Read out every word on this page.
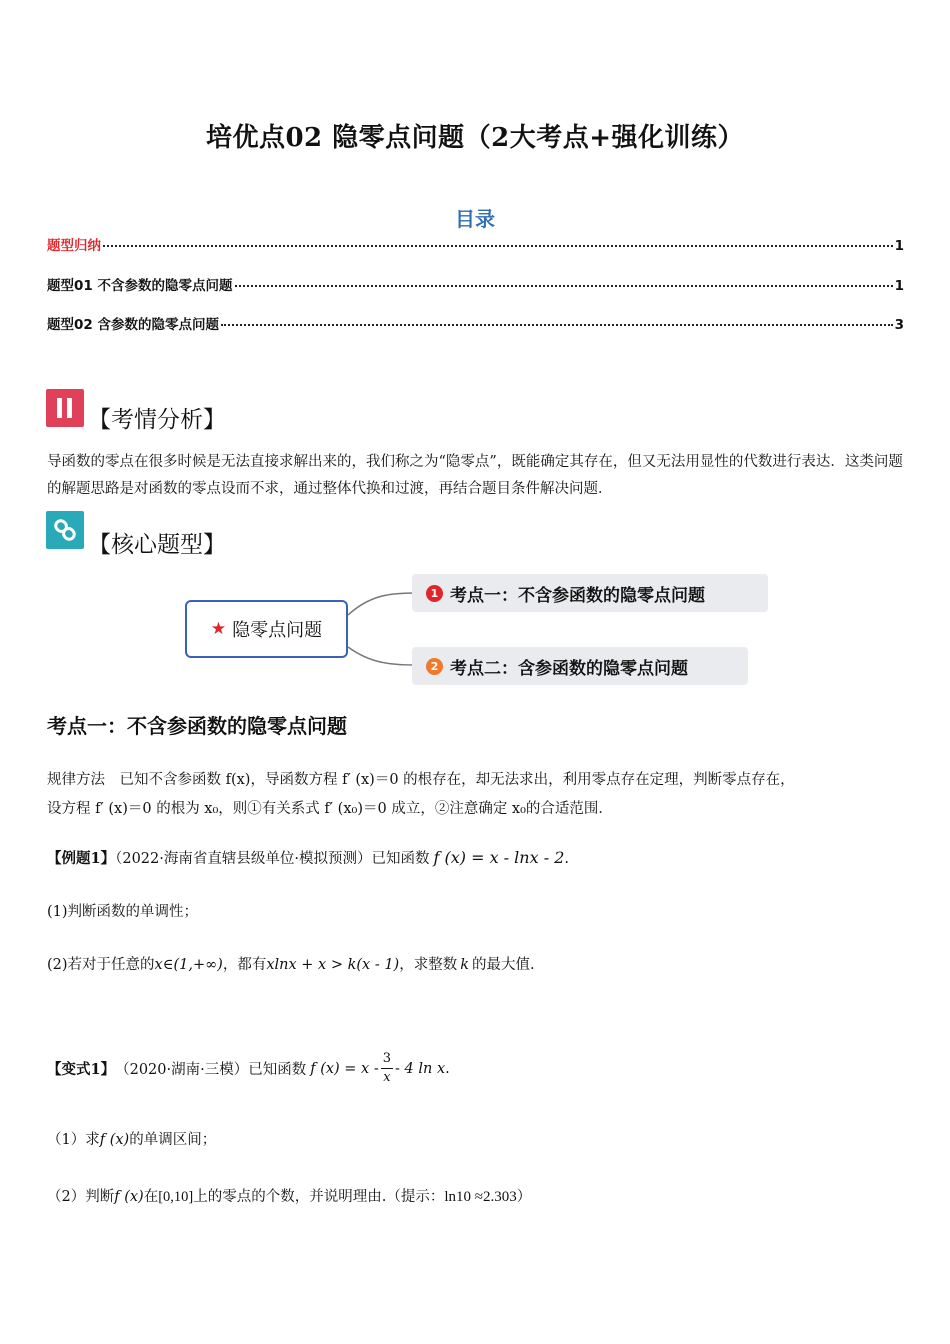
培优点02 隐零点问题（2大考点+强化训练）
目录
题型归纳	1
题型01 不含参数的隐零点问题	1
题型02 含参数的隐零点问题	3
【考情分析】
导函数的零点在很多时候是无法直接求解出来的，我们称之为“隐零点”，既能确定其存在，但又无法用显性的代数进行表达．这类问题的解题思路是对函数的零点设而不求，通过整体代换和过渡，再结合题目条件解决问题．
【核心题型】
★ 隐零点问题
1 考点一：不含参函数的隐零点问题
2 考点二：含参函数的隐零点问题
考点一：不含参函数的隐零点问题
规律方法　已知不含参函数 f(x)，导函数方程 f′ (x)＝0 的根存在，却无法求出，利用零点存在定理，判断零点存在，
设方程 f′ (x)＝0 的根为 x₀，则①有关系式 f′ (x₀)＝0 成立，②注意确定 x₀的合适范围．
【例题1】（2022·海南省直辖县级单位·模拟预测）已知函数 f (x) = x - lnx - 2.
(1)判断函数的单调性；
(2)若对于任意的x∈(1,+∞)，都有xlnx + x > k(x - 1)，求整数 k 的最大值.
【变式1】 （2020·湖南·三模）已知函数 f $(x) = x - \frac{3}{x} - 4$ ln x .
（1）求f (x)的单调区间；
（2）判断f (x)在[0,10]上的零点的个数，并说明理由.（提示：ln10 ≈2.303）
